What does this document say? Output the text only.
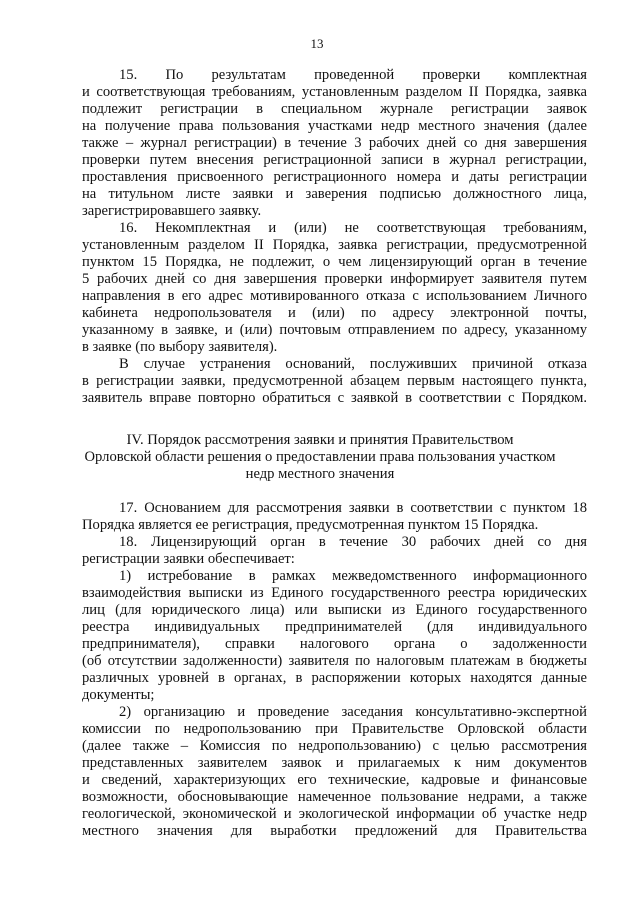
13
15. По результатам проведенной проверки комплектная
и соответствующая требованиям, установленным разделом II Порядка, заявка
подлежит регистрации в специальном журнале регистрации заявок
на получение права пользования участками недр местного значения (далее
также – журнал регистрации) в течение 3 рабочих дней со дня завершения
проверки путем внесения регистрационной записи в журнал регистрации,
проставления присвоенного регистрационного номера и даты регистрации
на титульном листе заявки и заверения подписью должностного лица,
зарегистрировавшего заявку.
16. Некомплектная и (или) не соответствующая требованиям,
установленным разделом II Порядка, заявка регистрации, предусмотренной
пунктом 15 Порядка, не подлежит, о чем лицензирующий орган в течение
5 рабочих дней со дня завершения проверки информирует заявителя путем
направления в его адрес мотивированного отказа с использованием Личного
кабинета недропользователя и (или) по адресу электронной почты,
указанному в заявке, и (или) почтовым отправлением по адресу, указанному
в заявке (по выбору заявителя).
В случае устранения оснований, послуживших причиной отказа
в регистрации заявки, предусмотренной абзацем первым настоящего пункта,
заявитель вправе повторно обратиться с заявкой в соответствии с Порядком.
IV. Порядок рассмотрения заявки и принятия Правительством
Орловской области решения о предоставлении права пользования участком
недр местного значения
17. Основанием для рассмотрения заявки в соответствии с пунктом 18
Порядка является ее регистрация, предусмотренная пунктом 15 Порядка.
18. Лицензирующий орган в течение 30 рабочих дней со дня
регистрации заявки обеспечивает:
1) истребование в рамках межведомственного информационного
взаимодействия выписки из Единого государственного реестра юридических
лиц (для юридического лица) или выписки из Единого государственного
реестра индивидуальных предпринимателей (для индивидуального
предпринимателя), справки налогового органа о задолженности
(об отсутствии задолженности) заявителя по налоговым платежам в бюджеты
различных уровней в органах, в распоряжении которых находятся данные
документы;
2) организацию и проведение заседания консультативно-экспертной
комиссии по недропользованию при Правительстве Орловской области
(далее также – Комиссия по недропользованию) с целью рассмотрения
представленных заявителем заявок и прилагаемых к ним документов
и сведений, характеризующих его технические, кадровые и финансовые
возможности, обосновывающие намеченное пользование недрами, а также
геологической, экономической и экологической информации об участке недр
местного значения для выработки предложений для Правительства
